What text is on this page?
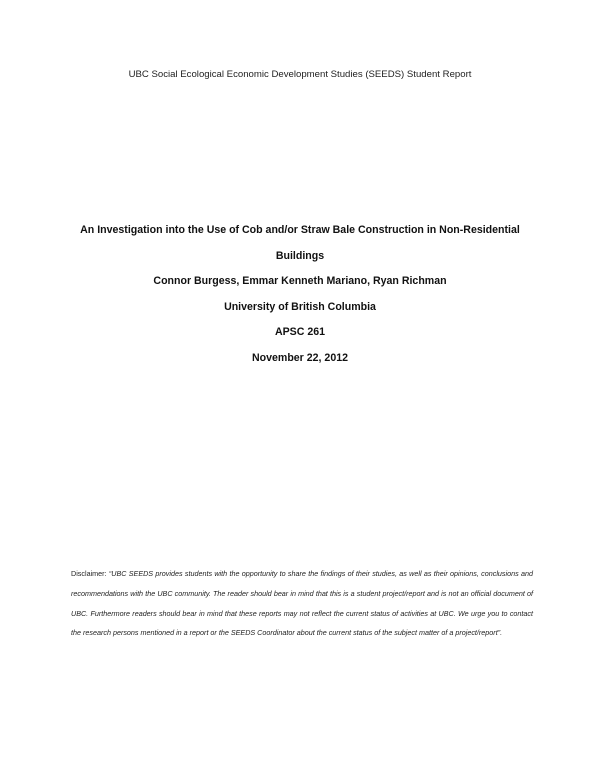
UBC Social Ecological Economic Development Studies (SEEDS) Student Report
An Investigation into the Use of Cob and/or Straw Bale Construction in Non-Residential
Buildings
Connor Burgess, Emmar Kenneth Mariano, Ryan Richman
University of British Columbia
APSC 261
November 22, 2012
Disclaimer: “UBC SEEDS provides students with the opportunity to share the findings of their studies, as well as their opinions, conclusions and recommendations with the UBC community. The reader should bear in mind that this is a student project/report and is not an official document of UBC. Furthermore readers should bear in mind that these reports may not reflect the current status of activities at UBC. We urge you to contact the research persons mentioned in a report or the SEEDS Coordinator about the current status of the subject matter of a project/report”.
